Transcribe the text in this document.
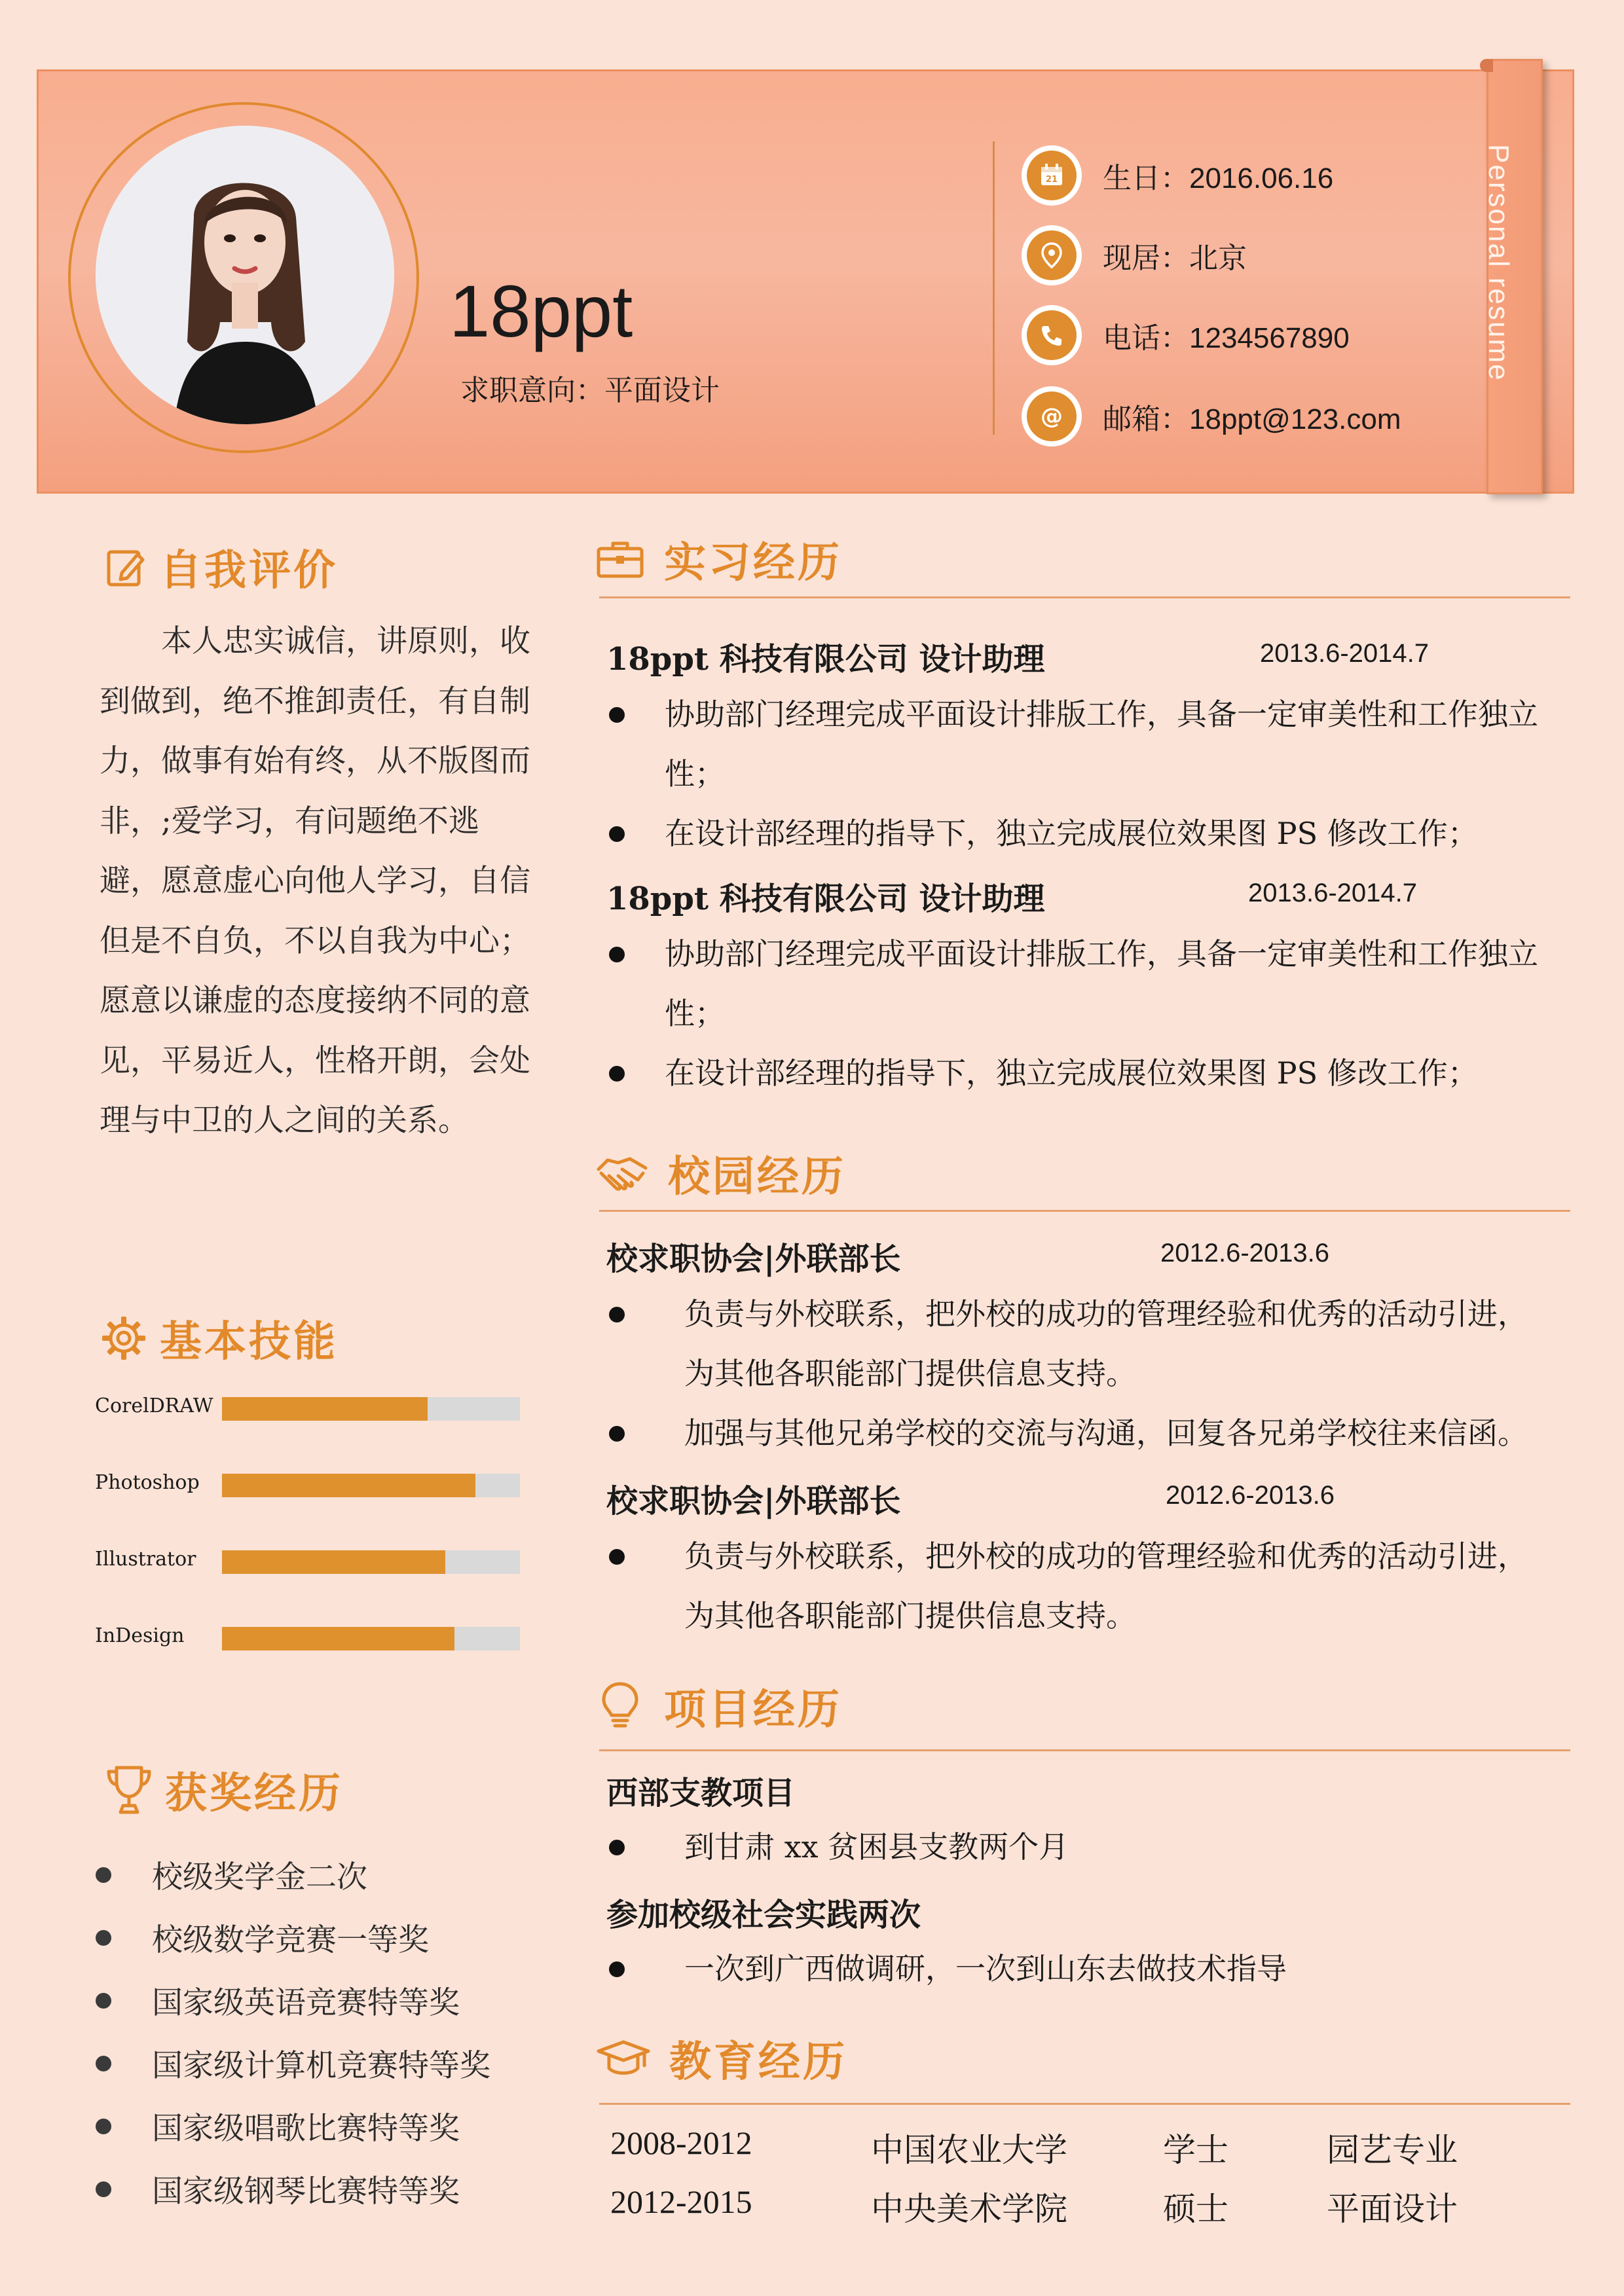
Personal resume
18ppt
求职意向：平面设计
21 生日：2016.06.16
现居：北京
电话：1234567890
@ 邮箱：18ppt@123.com
自我评价
本人忠实诚信，讲原则，收到做到，绝不推卸责任，有自制力，做事有始有终，从不版图而非，;爱学习，有问题绝不逃避，愿意虚心向他人学习，自信但是不自负，不以自我为中心；愿意以谦虚的态度接纳不同的意见，平易近人，性格开朗，会处理与中卫的人之间的关系。
基本技能
CorelDRAW
Photoshop
Illustrator
InDesign
获奖经历
校级奖学金二次
校级数学竞赛一等奖
国家级英语竞赛特等奖
国家级计算机竞赛特等奖
国家级唱歌比赛特等奖
国家级钢琴比赛特等奖
实习经历
18ppt 科技有限公司 设计助理	2013.6-2014.7
协助部门经理完成平面设计排版工作，具备一定审美性和工作独立性；
在设计部经理的指导下，独立完成展位效果图 PS 修改工作；
18ppt 科技有限公司 设计助理	2013.6-2014.7
协助部门经理完成平面设计排版工作，具备一定审美性和工作独立性；
在设计部经理的指导下，独立完成展位效果图 PS 修改工作；
校园经历
校求职协会|外联部长	2012.6-2013.6
负责与外校联系，把外校的成功的管理经验和优秀的活动引进，为其他各职能部门提供信息支持。
加强与其他兄弟学校的交流与沟通，回复各兄弟学校往来信函。
校求职协会|外联部长	2012.6-2013.6
负责与外校联系，把外校的成功的管理经验和优秀的活动引进，为其他各职能部门提供信息支持。
项目经历
西部支教项目
到甘肃 xx 贫困县支教两个月
参加校级社会实践两次
一次到广西做调研，一次到山东去做技术指导
教育经历
2008-2012	中国农业大学	学士	园艺专业
2012-2015	中央美术学院	硕士	平面设计
